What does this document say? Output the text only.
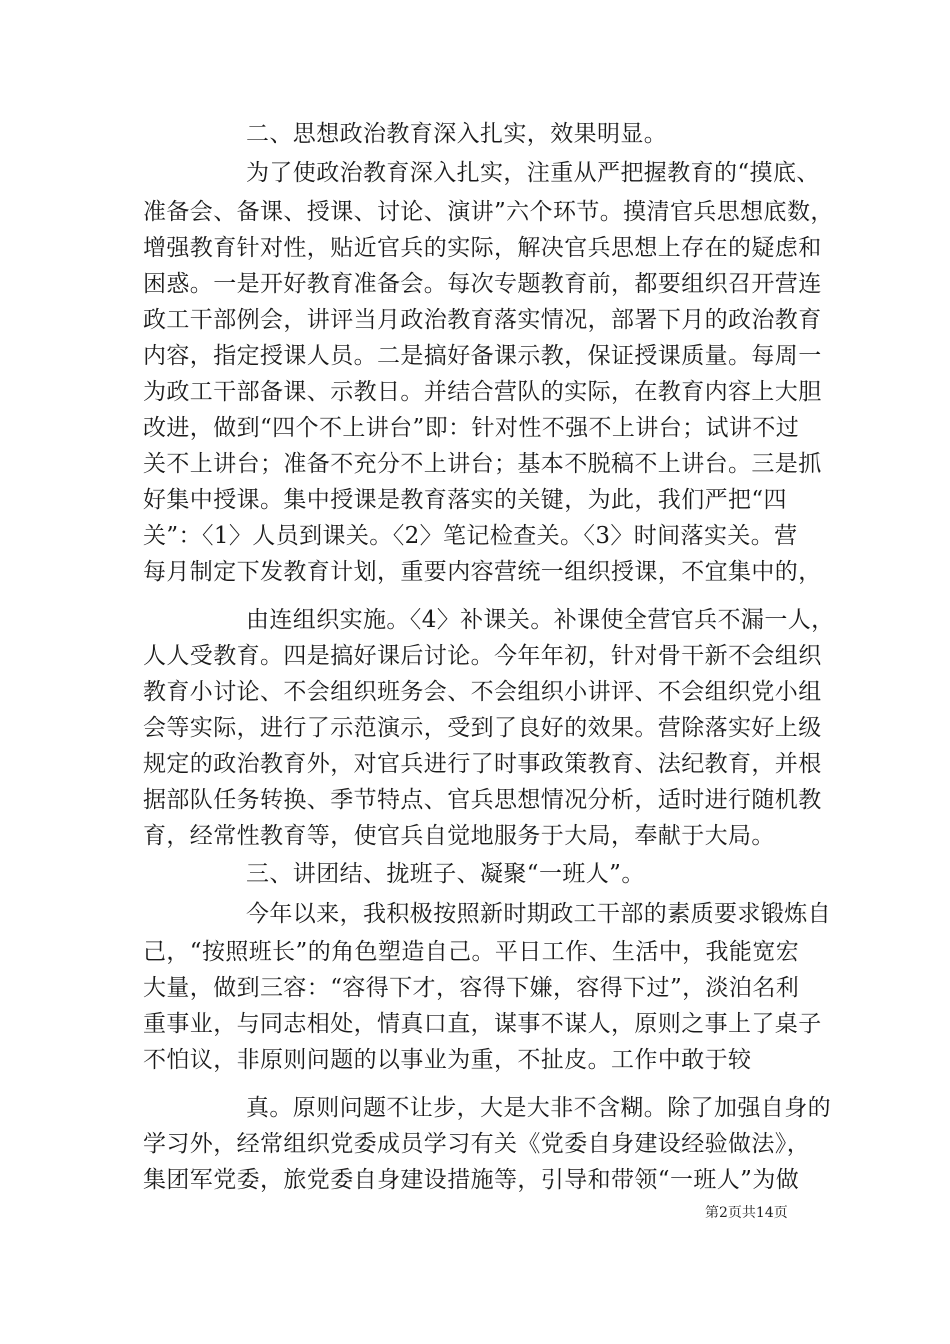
二、思想政治教育深入扎实，效果明显。
为了使政治教育深入扎实，注重从严把握教育的“摸底、
准备会、备课、授课、讨论、演讲”六个环节。摸清官兵思想底数，
增强教育针对性，贴近官兵的实际，解决官兵思想上存在的疑虑和
困惑。一是开好教育准备会。每次专题教育前，都要组织召开营连
政工干部例会，讲评当月政治教育落实情况，部署下月的政治教育
内容，指定授课人员。二是搞好备课示教，保证授课质量。每周一
为政工干部备课、示教日。并结合营队的实际，在教育内容上大胆
改进，做到“四个不上讲台”即：针对性不强不上讲台；试讲不过
关不上讲台；准备不充分不上讲台；基本不脱稿不上讲台。三是抓
好集中授课。集中授课是教育落实的关键，为此，我们严把“四
关”：〈1〉人员到课关。〈2〉笔记检查关。〈3〉时间落实关。营
每月制定下发教育计划，重要内容营统一组织授课，不宜集中的，
由连组织实施。〈4〉补课关。补课使全营官兵不漏一人，
人人受教育。四是搞好课后讨论。今年年初，针对骨干新不会组织
教育小讨论、不会组织班务会、不会组织小讲评、不会组织党小组
会等实际，进行了示范演示，受到了良好的效果。营除落实好上级
规定的政治教育外，对官兵进行了时事政策教育、法纪教育，并根
据部队任务转换、季节特点、官兵思想情况分析，适时进行随机教
育，经常性教育等，使官兵自觉地服务于大局，奉献于大局。
三、讲团结、拢班子、凝聚“一班人”。
今年以来，我积极按照新时期政工干部的素质要求锻炼自
己，“按照班长”的角色塑造自己。平日工作、生活中，我能宽宏
大量，做到三容：“容得下才，容得下嫌，容得下过”，淡泊名利
重事业，与同志相处，情真口直，谋事不谋人，原则之事上了桌子
不怕议，非原则问题的以事业为重，不扯皮。工作中敢于较
真。原则问题不让步，大是大非不含糊。除了加强自身的
学习外，经常组织党委成员学习有关《党委自身建设经验做法》，
集团军党委，旅党委自身建设措施等，引导和带领“一班人”为做
第2页共14页
